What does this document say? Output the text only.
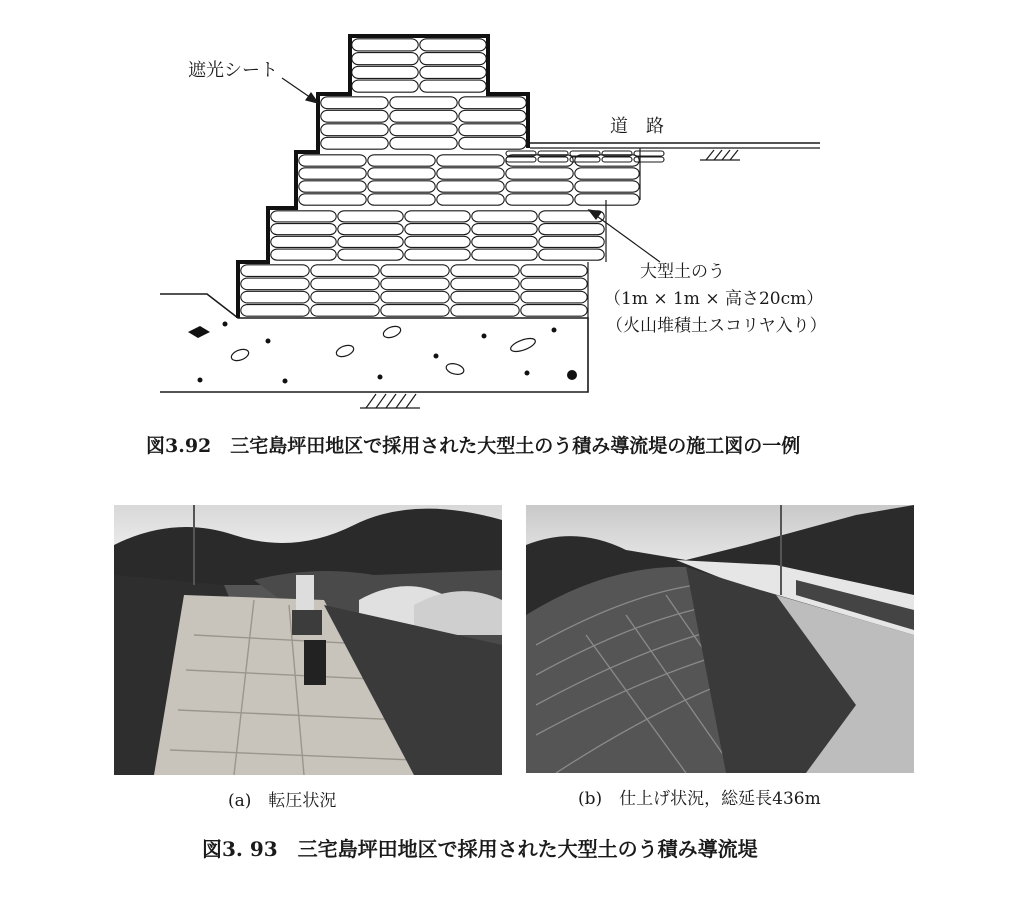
遮光シート
道　路
大型土のう
（1m × 1m × 高さ20cm）
（火山堆積土スコリヤ入り）
図3.92　三宅島坪田地区で採用された大型土のう積み導流堤の施工図の一例
(a)　転圧状況	(b)　仕上げ状況，総延長436m
図3. 93　三宅島坪田地区で採用された大型土のう積み導流堤
